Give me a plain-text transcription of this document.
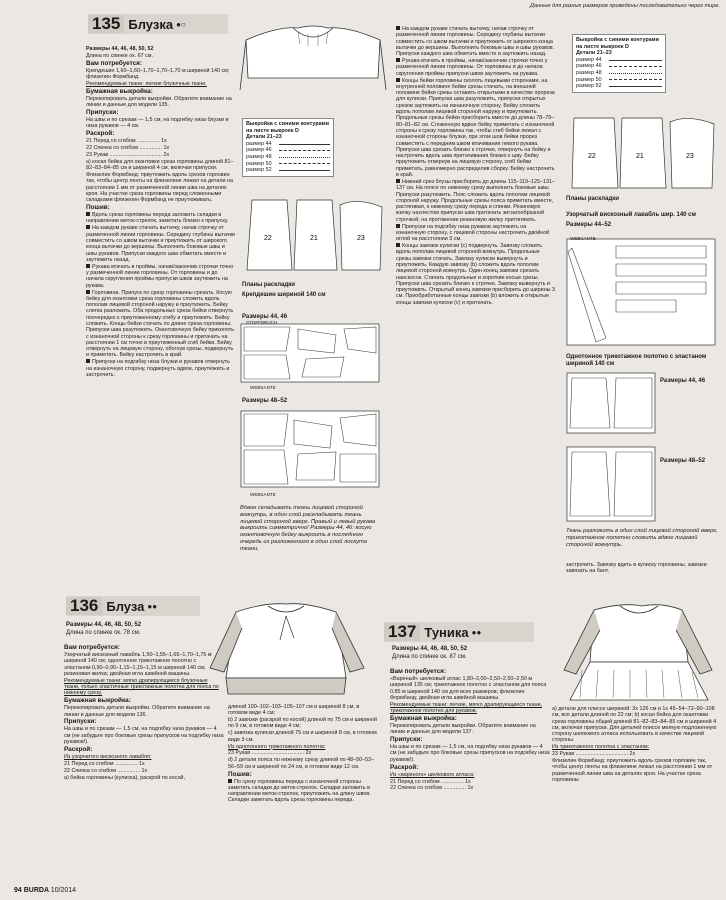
Данные для разных размеров приведены последовательно через тире.
135 Блузка ●○

Размеры 44, 46, 48, 50, 52

Длина по спинке ок. 67 см.

Вам потребуется:

Крепдешин 1,60–1,60–1,70–1,70–1,70 м шириной 140 см; флизелин Формбанд.

Рекомендуемые ткани: легкие блузочные ткани.

Бумажная выкройка:

Перекопировать детали выкройки. Обратите внимание на линии и данные для модели 135.

Припуски:

На швы и по срезам — 1,5 см, на подгибку низа блузки и низа рукавов — 4 см.

Раскрой:

21 Перед со сгибом ............... 1x

22 Спинка со сгибом ............... 1x

23 Рукав ................................... 2x

а) косая бейка для окантовки среза горловины длиной 81–82–83–84–85 см и шириной 4 см, включая припуски.

Флизелин Формбанд: приутюжить вдоль срезов горловин так, чтобы центр ленты на флизелине лежал на детали на расстоянии 1 мм от размеченной линии шва на деталях кроя. На участке среза горловины перед сложенными складками флизелин Формбанд не приутюживать.

Пошив:

Вдоль среза горловины переда заложить складки в направлении меток-стрелок, заметать близко к припуску.

На каждом рукаве стачать вытачку, начав строчку от размеченной линии горловины. Середину глубины вытачки совместить со швом вытачки и приутюжить от широкого конца вытачки до вершины. Выполнить боковые швы и швы рукавов. Припуски каждого шва обметать вместе и заутюжить назад.

Рукава втачать в проймы, начав/закончив строчки точно у размеченной линии горловины. От горловины и до начала скругления проймы припуски швов заутюжить на рукава.

Горловина. Припуск по срезу горловины срезать. Косую бейку для окантовки среза горловины сложить вдоль пополам лицевой стороной наружу и приутюжить. Бейку слегка разложить. Оба продольных среза бейки отвернуть поочередно к приутюженному сгибу и приутюжить. Бейку сложить. Концы бейки стачать по длине среза горловины. Припуски шва разутюжить. Окантовочную бейку приколоть с изнаночной стороны к срезу горловины и притачать на расстоянии 1 см точно в приутюженный сгиб бейки. Бейку отвернуть на лицевую сторону, обогнув срезы, подвернуть и приметать. Бейку настрочить в край.

Припуски на подгибку низа блузки и рукавов отвернуть на изнаночную сторону, подвернуть вдвое, приутюжить и застрочить.

Выкройка с синими контурами на листе выкроек D
Детали 21–23
размер 44
размер 46
размер 48
размер 50
размер 52
22	21	23
Планы раскладки
Крепдешин шириной 140 см
Размеры 44, 46
STOFFBRUCH
WEBKANTE
Размеры 48–52
WEBKANTE
Вдвое складывать ткань лицевой стороной вовнутрь, в один слой раскладывать ткань лицевой стороной вверх. Правый и левый рукава выкроить симметрично! Размеры 44, 46: косую окантовочную бейку выкроить в последнюю очередь из разложенного в один слой лоскута ткани.

На каждом рукаве стачать вытачку, начав строчку от размеченной линии горловины. Середину глубины вытачки совместить со швом вытачки и приутюжить от широкого конца вытачки до вершины. Выполнить боковые швы и швы рукавов. Припуски каждого шва обметать вместе и заутюжить назад.

Рукава втачать в проймы, начав/закончив строчки точно у размеченной линии горловины. От горловины и до начала скругления проймы припуски швов заутюжить на рукава.

Концы бейки горловины сколоть лицевыми сторонами, на внутренней половине бейки срезы стачать, на внешней половине бейки срезы оставить открытыми в качестве прореза для кулиски. Припуски шва разутюжить, припуски открытых срезов заутюжить на изнаночную сторону. Бейку сложить вдоль пополам лицевой стороной наружу и приутюжить. Продольные срезы бейки присборить вместе до длины 78–79–80–81–82 см. Сложенную вдвое бейку приметать с изнаночной стороны к срезу горловины так, чтобы сгиб бейки лежал с изнаночной стороны блузки, при этом шов бейки прорез совместить с передним швом втачивания левого рукава. Припуски шва срезать близко к строчке, отвернуть на бейку и настрочить вдоль шва притачивания близко к шву. Бейку приутюжить отвернув на лицевую сторону, сгиб бейки приметать, равномерно распределив сборку. Бейку настрочить в край.

Нижний срез блузы присборить до длины 115–119–125–131–137 см. На поясе по нижнему срезу выполнить боковые швы. Припуски разутюжить. Пояс сложить вдоль пополам лицевой стороной наружу. Продольные срезы пояса приметать вместе, растягивая, к нижнему срезу переда и спинки. Резиновую жилку нахлестом припуски шва притачать зигзагообразной строчкой, на протяжении резиновую жилку притягивать.

Припуски на подгибку низа рукавов заутюжить на изнаночную сторону, с лицевой стороны настрочить двойной иглой на расстоянии 3 см.

Концы завязок кулиски (с) подвернуть. Завязку сложить вдоль пополам лицевой стороной вовнутрь. Продольные срезы завязки стачать. Завязку кулиски вывернуть и приутюжить. Каждую завязку (b) сложить вдоль пополам лицевой стороной вовнутрь. Один конец завязки срезать наискосок. Стачать продольные и короткие косые срезы. Припуски шва срезать близко к строчке. Завязку вывернуть и приутюжить. Открытый конец завязки присборить до ширины 3 см. Приобработанные концы завязки (b) вложить в открытые концы завязки кулиски (с) и притачать.

Выкройка с синими контурами на листе выкроек D
Детали 21–23
размер 44
размер 46
размер 48
размер 50
размер 52
22	21	23
Планы раскладки
Узорчатый вискозный лавабль шир. 140 см
Размеры 44–52
WEBKANTE
Однотонное трикотажное полотно с эластаном шириной 140 см
Размеры 44, 46
Размеры 48–52
Ткань разложить в один слой лицевой стороной вверх, трикотажное полотно сложить вдвое лицевой стороной вовнутрь.

застрочить. Завязку вдеть в кулиску горловины, завязки завязать на бант.

136 Блуза ●●
Размеры 44, 46, 48, 50, 52
Длина по спинке ок. 78 см.

Вам потребуется:

Узорчатый вискозный лавабль 1,50–1,55–1,65–1,70–1,75 м шириной 140 см; однотонное трикотажное полотно с эластаном 0,90–0,90–1,15–1,15–1,15 м шириной 140 см; резиновая жилка; двойная игла швейной машины.

Рекомендуемые ткани: мягко драпирующиеся блузочные ткани, только эластичные трикотажные полотна для пояса по нижнему срезу.

Бумажная выкройка:

Перекопировать детали выкройки. Обратите внимание на линии и данные для модели 136.

Припуски:

На швы и по срезам — 1,5 см, на подгибку низа рукавов — 4 см (не забудьте про боковые срезы припусков на подгибку низа рукавов!).

Раскрой:

Из узорчатого вискозного лавабля:

21 Перед со сгибом ............... 1x

22 Спинка со сгибом ............... 1x

а) бейка горловины (кулиска), раскрой по косой,

длиной 100–102–103–105–107 см и шириной 8 см, в готовом виде 4 см;

b) 2 завязки (раскрой по косой) длиной по 75 см и шириной по 9 см, в готовом виде 4 см;

c) завязка кулиски длиной 75 см и шириной 8 см, в готовом виде 3 см.

Из однотонного трикотажного полотна:

23 Рукав ................................... 2x

d) 2 детали пояса по нижнему срезу длиной по 48–50–53–56–59 см и шириной по 24 см, в готовом виде 12 см.

Пошив:

По срезу горловины переда с изнаночной стороны заметать складки до меток-стрелок. Складки заложить в направлении меток-стрелок, приутюжить на длину швов. Складки заметать вдоль среза горловины переда.

137 Туника ●●
Размеры 44, 46, 48, 50, 52
Длина по спинке ок. 87 см.

Вам потребуется:

«Вареный» шелковый атлас 1,80–2,00–2,50–2,50–2,50 м шириной 135 см; трикотажное полотно с эластаном для пояса 0,85 м шириной 140 см для всех размеров; флизелин Формбанд; двойная игла швейной машины.

Рекомендуемые ткани: легкие, мягко драпирующиеся ткани, трикотажное полотно для рукавов.

Бумажная выкройка:

Перекопировать детали выкройки. Обратите внимание на линии и данные для модели 137.

Припуски:

На швы и по срезам — 1,5 см, на подгибку низа рукавов — 4 см (не забудьте про боковые срезы припусков на подгибку низа рукавов!).

Раскрой:

Из «вареного» шелкового атласа:

21 Перед со сгибом ............... 1x

22 Спинка со сгибом ............... 1x

а) детали для плиссе шириной: 3x 126 см и 1x 45–54–72–90–108 см, все детали длиной по 22 см; b) косая бейка для окантовки среза горловины общей длиной 81–82–83–84–85 см и шириной 4 см, включая припуски. Для деталей плиссе мелкую подложенную сторону шелкового атласа использовать в качестве лицевой стороны.

Из трикотажного полотна с эластаном:

23 Рукав ................................... 2x

Флизелин Формбанд: приутюжить вдоль срезов горловин так, чтобы центр ленты на флизелине лежал на расстоянии 1 мм от размеченной линии шва на деталях кроя. На участке среза горловины

94 BURDA 10/2014
